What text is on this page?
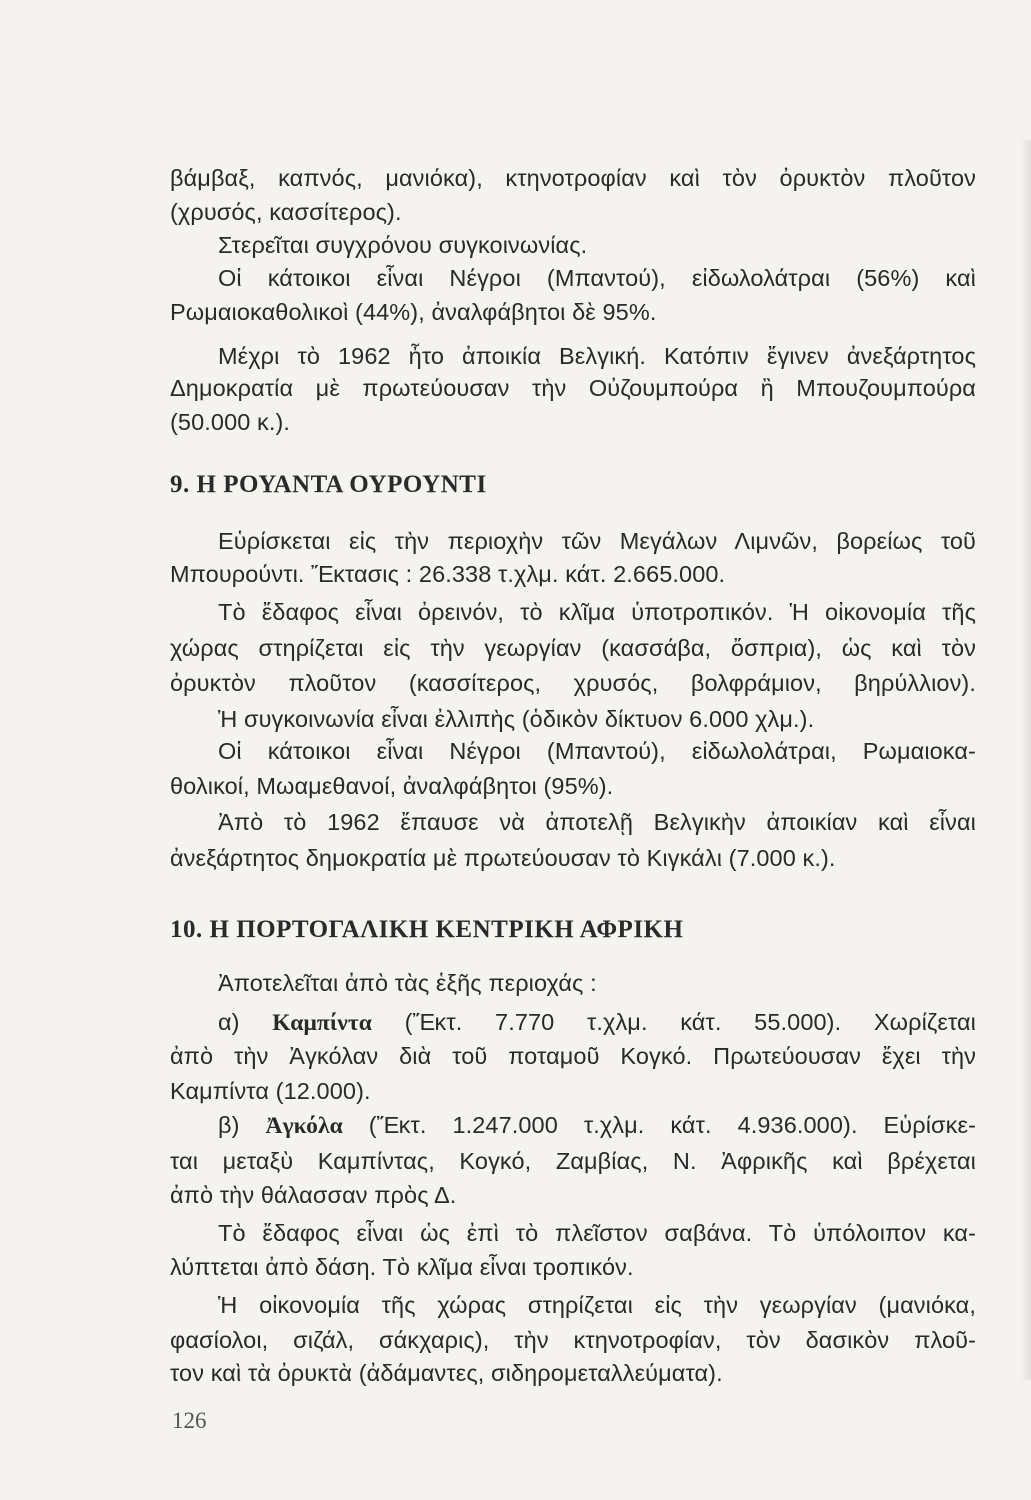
βάμβαξ, καπνός, μανιόκα), κτηνοτροφίαν καὶ τὸν ὀρυκτὸν πλοῦτον
(χρυσός, κασσίτερος).
Στερεῖται συγχρόνου συγκοινωνίας.
Οἱ κάτοικοι εἶναι Νέγροι (Μπαντού), εἰδωλολάτραι (56%) καὶ
Ρωμαιοκαθολικοὶ (44%), ἀναλφάβητοι δὲ 95%.
Μέχρι τὸ 1962 ἦτο ἀποικία Βελγική. Κατόπιν ἔγινεν ἀνεξάρτητος
Δημοκρατία μὲ πρωτεύουσαν τὴν Οὐζουμπούρα ἢ Μπουζουμπούρα
(50.000 κ.).
9. Η ΡΟΥΑΝΤΑ ΟΥΡΟΥΝΤΙ
Εὑρίσκεται εἰς τὴν περιοχὴν τῶν Μεγάλων Λιμνῶν, βορείως τοῦ
Μπουρούντι. Ἔκτασις : 26.338 τ.χλμ. κάτ. 2.665.000.
Τὸ ἔδαφος εἶναι ὀρεινόν, τὸ κλῖμα ὑποτροπικόν. Ἡ οἰκονομία τῆς
χώρας στηρίζεται εἰς τὴν γεωργίαν (κασσάβα, ὄσπρια), ὡς καὶ τὸν
ὀρυκτὸν πλοῦτον (κασσίτερος, χρυσός, βολφράμιον, βηρύλλιον).
Ἡ συγκοινωνία εἶναι ἐλλιπὴς (ὁδικὸν δίκτυον 6.000 χλμ.).
Οἱ κάτοικοι εἶναι Νέγροι (Μπαντού), εἰδωλολάτραι, Ρωμαιοκα-
θολικοί, Μωαμεθανοί, ἀναλφάβητοι (95%).
Ἀπὸ τὸ 1962 ἔπαυσε νὰ ἀποτελῇ Βελγικὴν ἀποικίαν καὶ εἶναι
ἀνεξάρτητος δημοκρατία μὲ πρωτεύουσαν τὸ Κιγκάλι (7.000 κ.).
10. Η ΠΟΡΤΟΓΑΛΙΚΗ ΚΕΝΤΡΙΚΗ ΑΦΡΙΚΗ
Ἀποτελεῖται ἀπὸ τὰς ἑξῆς περιοχάς :
α) Καμπίντα (Ἔκτ. 7.770 τ.χλμ. κάτ. 55.000). Χωρίζεται
ἀπὸ τὴν Ἀγκόλαν διὰ τοῦ ποταμοῦ Κογκό. Πρωτεύουσαν ἔχει τὴν
Καμπίντα (12.000).
β) Ἀγκόλα (Ἔκτ. 1.247.000 τ.χλμ. κάτ. 4.936.000). Εὑρίσκε-
ται μεταξὺ Καμπίντας, Κογκό, Ζαμβίας, Ν. Ἀφρικῆς καὶ βρέχεται
ἀπὸ τὴν θάλασσαν πρὸς Δ.
Τὸ ἔδαφος εἶναι ὡς ἐπὶ τὸ πλεῖστον σαβάνα. Τὸ ὑπόλοιπον κα-
λύπτεται ἀπὸ δάση. Τὸ κλῖμα εἶναι τροπικόν.
Ἡ οἰκονομία τῆς χώρας στηρίζεται εἰς τὴν γεωργίαν (μανιόκα,
φασίολοι, σιζάλ, σάκχαρις), τὴν κτηνοτροφίαν, τὸν δασικὸν πλοῦ-
τον καὶ τὰ ὀρυκτὰ (ἀδάμαντες, σιδηρομεταλλεύματα).
126
